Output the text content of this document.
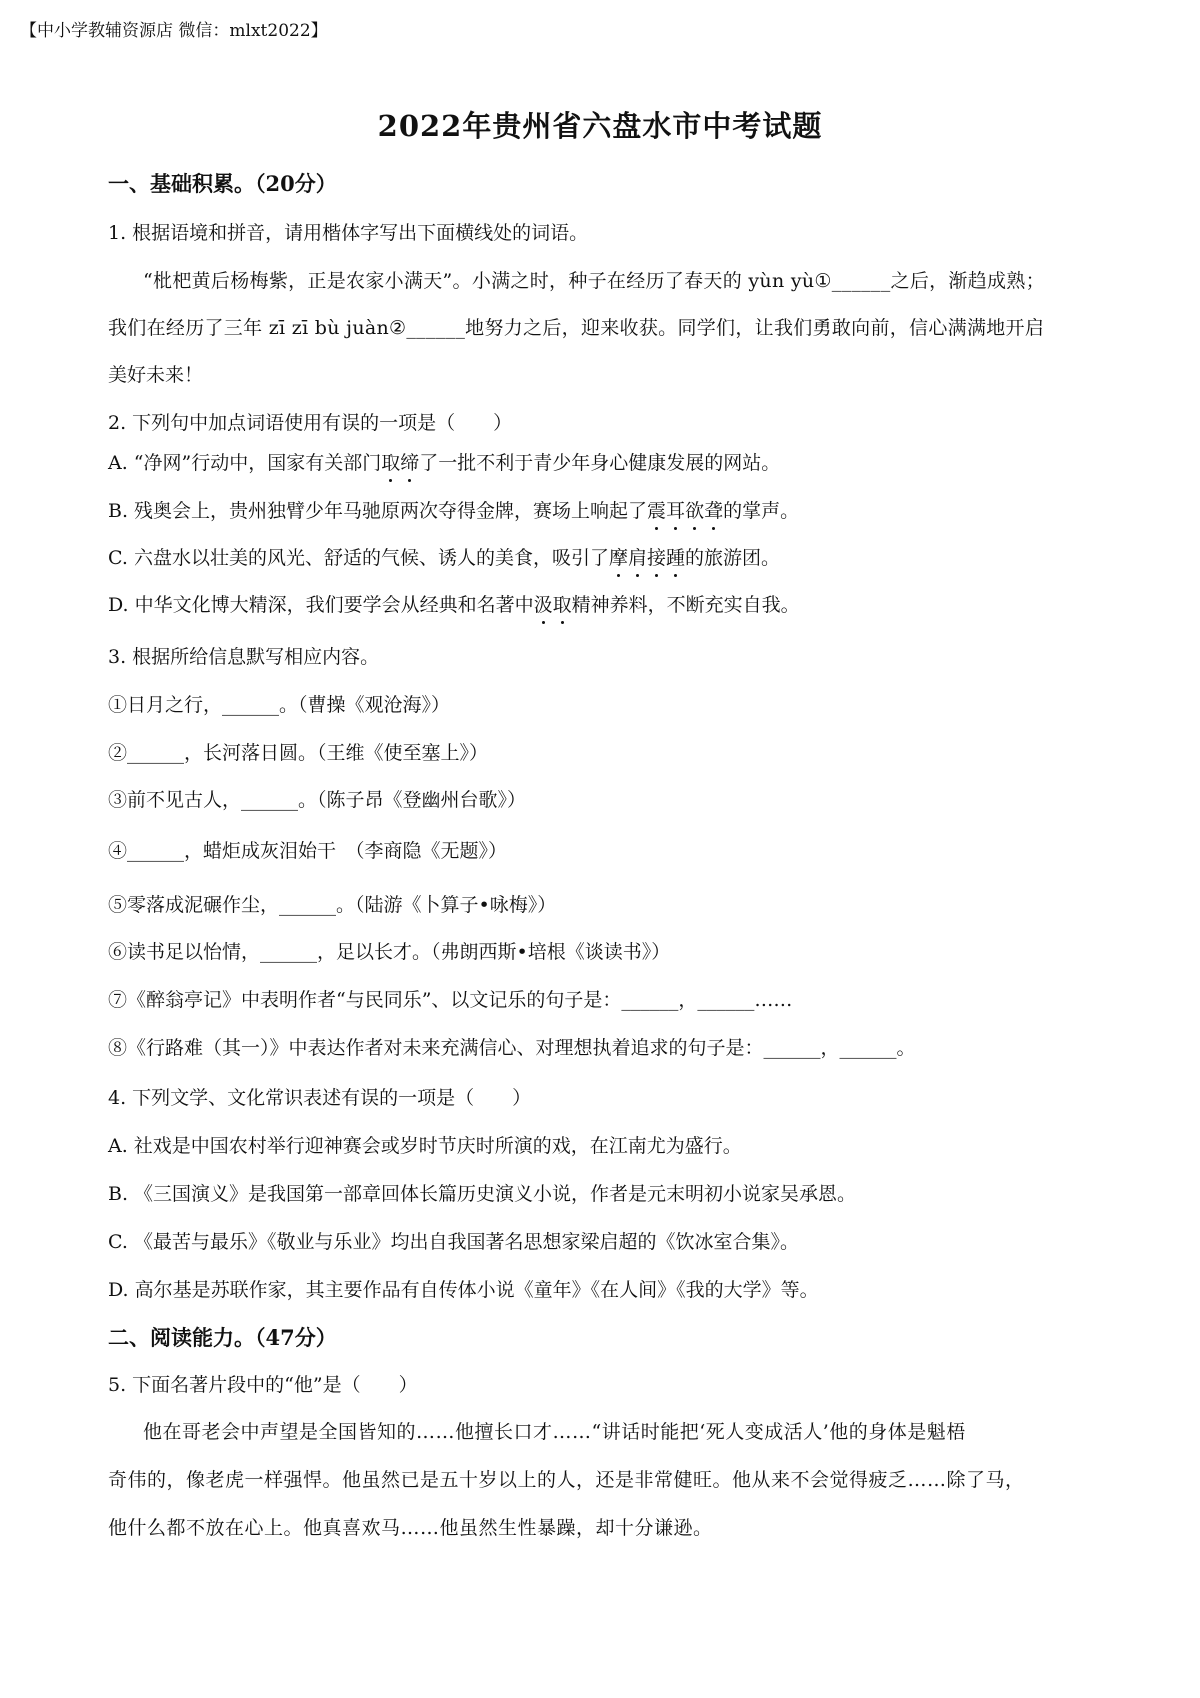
【中小学教辅资源店 微信：mlxt2022】
2022年贵州省六盘水市中考试题
一、基础积累。（20分）
1. 根据语境和拼音，请用楷体字写出下面横线处的词语。
“枇杷黄后杨梅紫，正是农家小满天”。小满之时，种子在经历了春天的 yùn yù①______之后，渐趋成熟；
我们在经历了三年 zī zī bù juàn②______地努力之后，迎来收获。同学们，让我们勇敢向前，信心满满地开启
美好未来！
2. 下列句中加点词语使用有误的一项是（　　）
A. “净网”行动中，国家有关部门取缔了一批不利于青少年身心健康发展的网站。
B. 残奥会上，贵州独臂少年马驰原两次夺得金牌，赛场上响起了震耳欲聋的掌声。
C. 六盘水以壮美的风光、舒适的气候、诱人的美食，吸引了摩肩接踵的旅游团。
D. 中华文化博大精深，我们要学会从经典和名著中汲取精神养料，不断充实自我。
3. 根据所给信息默写相应内容。
①日月之行，______。（曹操《观沧海》）
②______，长河落日圆。（王维《使至塞上》）
③前不见古人，______。（陈子昂《登幽州台歌》）
④______，蜡炬成灰泪始干　（李商隐《无题》）
⑤零落成泥碾作尘，______。（陆游《卜算子•咏梅》）
⑥读书足以怡情，______，足以长才。（弗朗西斯•培根《谈读书》）
⑦《醉翁亭记》中表明作者“与民同乐”、以文记乐的句子是：______，______……
⑧《行路难（其一）》中表达作者对未来充满信心、对理想执着追求的句子是：______，______。
4. 下列文学、文化常识表述有误的一项是（　　）
A. 社戏是中国农村举行迎神赛会或岁时节庆时所演的戏，在江南尤为盛行。
B. 《三国演义》是我国第一部章回体长篇历史演义小说，作者是元末明初小说家吴承恩。
C. 《最苦与最乐》《敬业与乐业》均出自我国著名思想家梁启超的《饮冰室合集》。
D. 高尔基是苏联作家，其主要作品有自传体小说《童年》《在人间》《我的大学》等。
二、阅读能力。（47分）
5. 下面名著片段中的“他”是（　　）
他在哥老会中声望是全国皆知的……他擅长口才……“讲话时能把‘死人变成活人’他的身体是魁梧
奇伟的，像老虎一样强悍。他虽然已是五十岁以上的人，还是非常健旺。他从来不会觉得疲乏……除了马，
他什么都不放在心上。他真喜欢马……他虽然生性暴躁，却十分谦逊。
